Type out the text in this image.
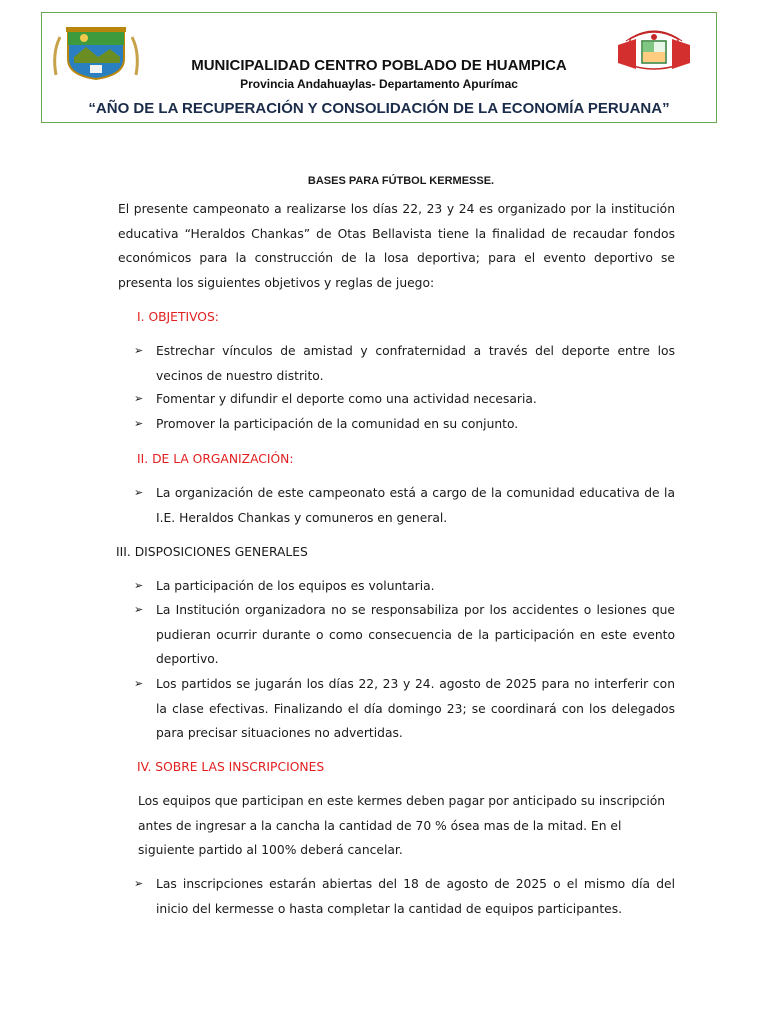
MUNICIPALIDAD CENTRO POBLADO DE HUAMPICA
Provincia Andahuaylas- Departamento Apurímac
“AÑO DE LA RECUPERACIÓN Y CONSOLIDACIÓN DE LA ECONOMÍA PERUANA”
BASES PARA FÚTBOL KERMESSE.
El presente campeonato a realizarse los días 22, 23 y 24 es organizado por la institución educativa “Heraldos Chankas” de Otas Bellavista tiene la finalidad de recaudar fondos económicos para la construcción de la losa deportiva; para el evento deportivo se presenta los siguientes objetivos y reglas de juego:
I. OBJETIVOS:
➢ Estrechar vínculos de amistad y confraternidad a través del deporte entre los vecinos de nuestro distrito.
➢ Fomentar y difundir el deporte como una actividad necesaria.
➢ Promover la participación de la comunidad en su conjunto.
II. DE LA ORGANIZACIÓN:
➢ La organización de este campeonato está a cargo de la comunidad educativa de la I.E. Heraldos Chankas y comuneros en general.
III. DISPOSICIONES GENERALES
➢ La participación de los equipos es voluntaria.
➢ La Institución organizadora no se responsabiliza por los accidentes o lesiones que pudieran ocurrir durante o como consecuencia de la participación en este evento deportivo.
➢ Los partidos se jugarán los días 22, 23 y 24. agosto de 2025 para no interferir con la clase efectivas. Finalizando el día domingo 23; se coordinará con los delegados para precisar situaciones no advertidas.
IV. SOBRE LAS INSCRIPCIONES
Los equipos que participan en este kermes deben pagar por anticipado su inscripción antes de ingresar a la cancha la cantidad de 70 % ósea mas de la mitad. En el siguiente partido al 100% deberá cancelar.
➢ Las inscripciones estarán abiertas del 18 de agosto de 2025 o el mismo día del inicio del kermesse o hasta completar la cantidad de equipos participantes.
